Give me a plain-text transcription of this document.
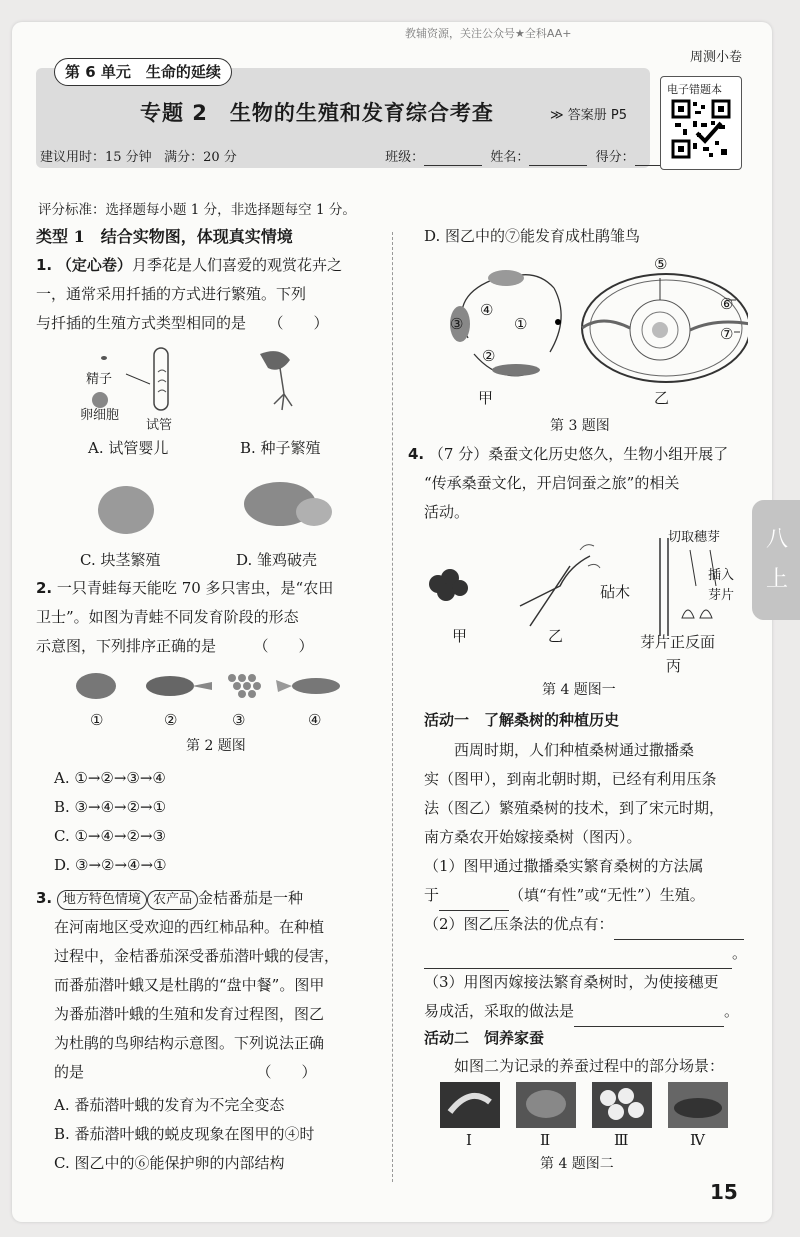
教辅资源，关注公众号★全科AA+
周测小卷
八
上
第 6 单元　生命的延续
专题 2　生物的生殖和发育综合考查	≫ 答案册 P5
建议用时：15 分钟 满分：20 分	班级：	姓名：	得分：
电子错题本
评分标准：选择题每小题 1 分，非选择题每空 1 分。
类型 1　结合实物图，体现真实情境
1. （定心卷）月季花是人们喜爱的观赏花卉之
一，通常采用扦插的方式进行繁殖。下列
与扦插的生殖方式类型相同的是　　（　　）
精子
卵细胞
试管
A. 试管婴儿	B. 种子繁殖
C. 块茎繁殖	D. 雏鸡破壳
2. 一只青蛙每天能吃 70 多只害虫，是“农田
卫士”。如图为青蛙不同发育阶段的形态
示意图，下列排序正确的是　　　（　　）
①	②	③	④
第 2 题图
A. ①→②→③→④
B. ③→④→②→①
C. ①→④→②→③
D. ③→②→④→①
3. 地方特色情境 农产品 金桔番茄是一种
在河南地区受欢迎的西红柿品种。在种植
过程中，金桔番茄深受番茄潜叶蛾的侵害，
而番茄潜叶蛾又是杜鹃的“盘中餐”。图甲
为番茄潜叶蛾的生殖和发育过程图，图乙
为杜鹃的鸟卵结构示意图。下列说法正确
的是　　　　　　　　　　　　（　　）
A. 番茄潜叶蛾的发育为不完全变态
B. 番茄潜叶蛾的蜕皮现象在图甲的④时
C. 图乙中的⑥能保护卵的内部结构
D. 图乙中的⑦能发育成杜鹃雏鸟
④
③	①
②
⑤
⑥
⑦
甲	乙
第 3 题图
4. （7 分）桑蚕文化历史悠久，生物小组开展了
“传承桑蚕文化，开启饲蚕之旅”的相关
活动。
切取穗芽
砧木
插入
芽片
芽片正反面
甲	乙
丙
第 4 题图一
活动一　了解桑树的种植历史
西周时期，人们种植桑树通过撒播桑
实（图甲），到南北朝时期，已经有利用压条
法（图乙）繁殖桑树的技术，到了宋元时期，
南方桑农开始嫁接桑树（图丙）。
（1）图甲通过撒播桑实繁育桑树的方法属
于	（填“有性”或“无性”）生殖。
（2）图乙压条法的优点有：
。
（3）用图丙嫁接法繁育桑树时，为使接穗更
易成活，采取的做法是	。
活动二　饲养家蚕
如图二为记录的养蚕过程中的部分场景：
Ⅰ	Ⅱ	Ⅲ	Ⅳ
第 4 题图二
15
